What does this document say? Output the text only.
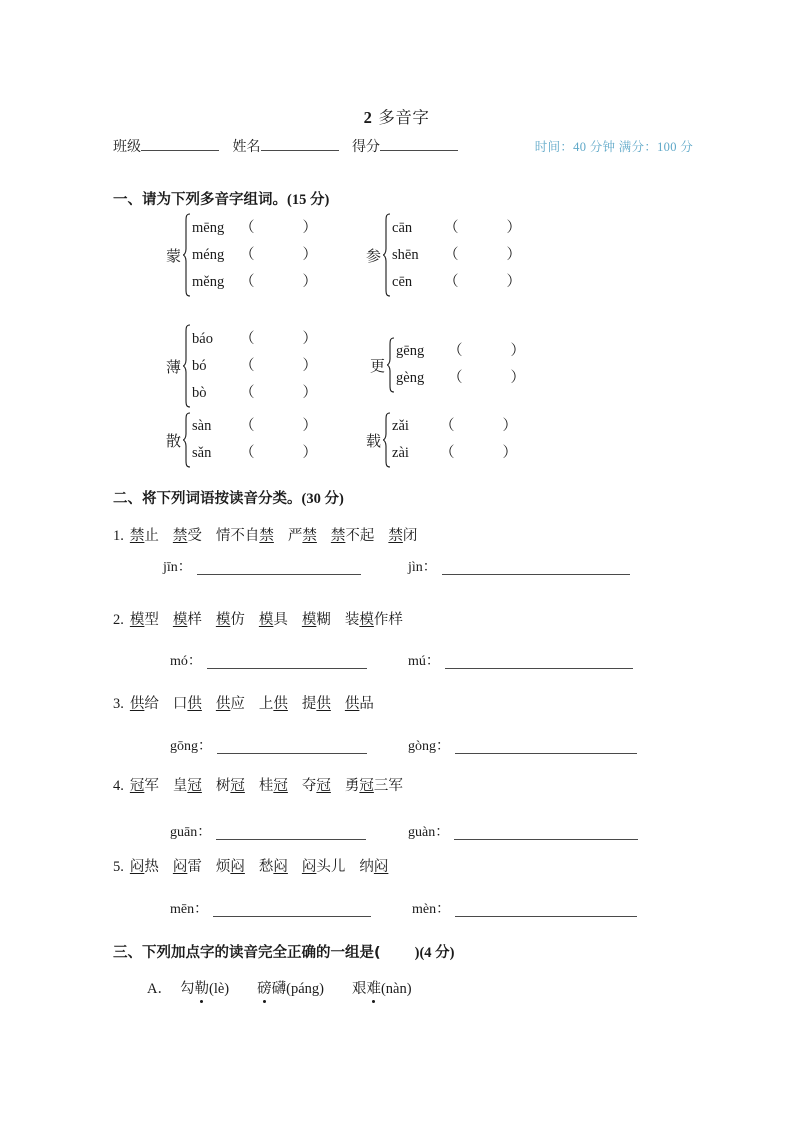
2 多音字
班级	姓名	得分	时间：40 分钟 满分：100 分
一、请为下列多音字组词。(15 分)
蒙
mēng	（	）
méng	（	）
měng	（	）
参
cān	（	）
shēn	（	）
cēn	（	）
薄
báo	（	）
bó	（	）
bò	（	）
更
gēng	（	）
gèng	（	）
散
sàn	（	）
sǎn	（	）
载
zǎi	（	）
zài	（	）
二、将下列词语按读音分类。(30 分)
1. 禁止 禁受 情不自禁 严禁 禁不起 禁闭
jīn：	jìn：
2. 模型 模样 模仿 模具 模糊 装模作样
mó：	mú：
3. 供给 口供 供应 上供 提供 供品
gōng：	gòng：
4. 冠军 皇冠 树冠 桂冠 夺冠 勇冠三军
guān：	guàn：
5. 闷热 闷雷 烦闷 愁闷 闷头儿 纳闷
mēn：	mèn：
三、下列加点字的读音完全正确的一组是( )(4 分)
A． 勾勒(lè) 磅礴(páng) 艰难(nàn)
